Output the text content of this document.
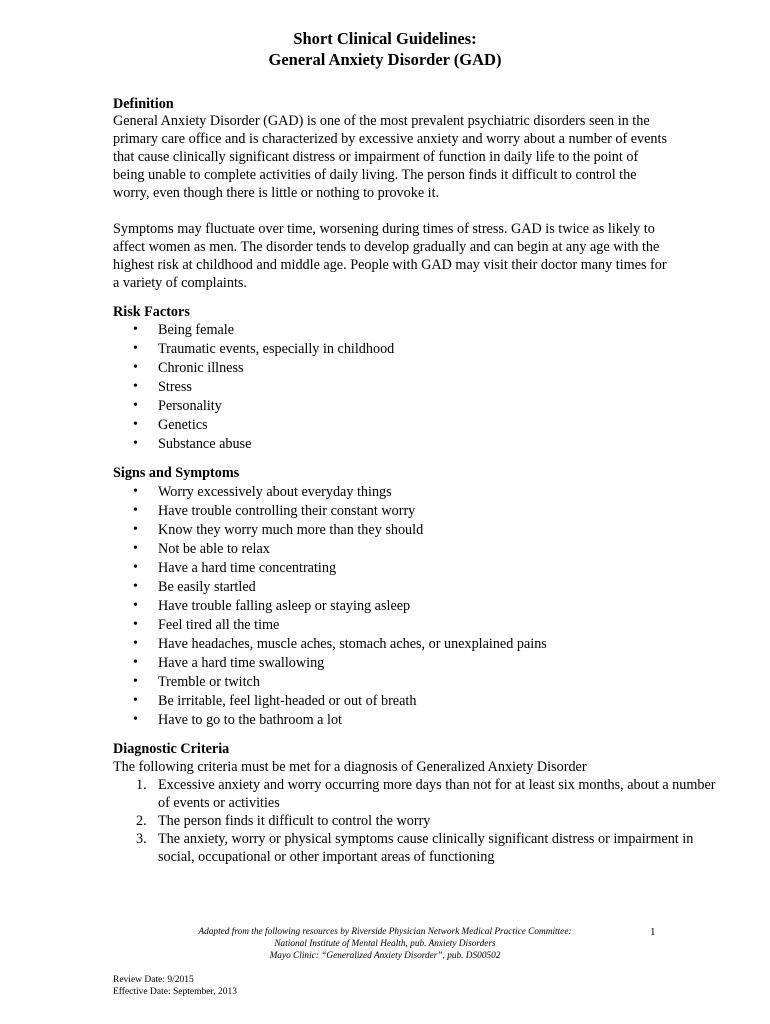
Short Clinical Guidelines:
General Anxiety Disorder (GAD)
Definition

General Anxiety Disorder (GAD) is one of the most prevalent psychiatric disorders seen in the primary care office and is characterized by excessive anxiety and worry about a number of events that cause clinically significant distress or impairment of function in daily life to the point of being unable to complete activities of daily living. The person finds it difficult to control the worry, even though there is little or nothing to provoke it.

Symptoms may fluctuate over time, worsening during times of stress. GAD is twice as likely to affect women as men. The disorder tends to develop gradually and can begin at any age with the highest risk at childhood and middle age. People with GAD may visit their doctor many times for a variety of complaints.

Risk Factors
• Being female
• Traumatic events, especially in childhood
• Chronic illness
• Stress
• Personality
• Genetics
• Substance abuse
Signs and Symptoms
• Worry excessively about everyday things
• Have trouble controlling their constant worry
• Know they worry much more than they should
• Not be able to relax
• Have a hard time concentrating
• Be easily startled
• Have trouble falling asleep or staying asleep
• Feel tired all the time
• Have headaches, muscle aches, stomach aches, or unexplained pains
• Have a hard time swallowing
• Tremble or twitch
• Be irritable, feel light-headed or out of breath
• Have to go to the bathroom a lot
Diagnostic Criteria
The following criteria must be met for a diagnosis of Generalized Anxiety Disorder
1. Excessive anxiety and worry occurring more days than not for at least six months, about a number of events or activities
2. The person finds it difficult to control the worry
3. The anxiety, worry or physical symptoms cause clinically significant distress or impairment in social, occupational or other important areas of functioning
Adapted from the following resources by Riverside Physician Network Medical Practice Committee:
National Institute of Mental Health, pub. Anxiety Disorders
Mayo Clinic: “Generalized Anxiety Disorder”, pub. DS00502
1
Review Date: 9/2015
Effective Date: September, 2013
